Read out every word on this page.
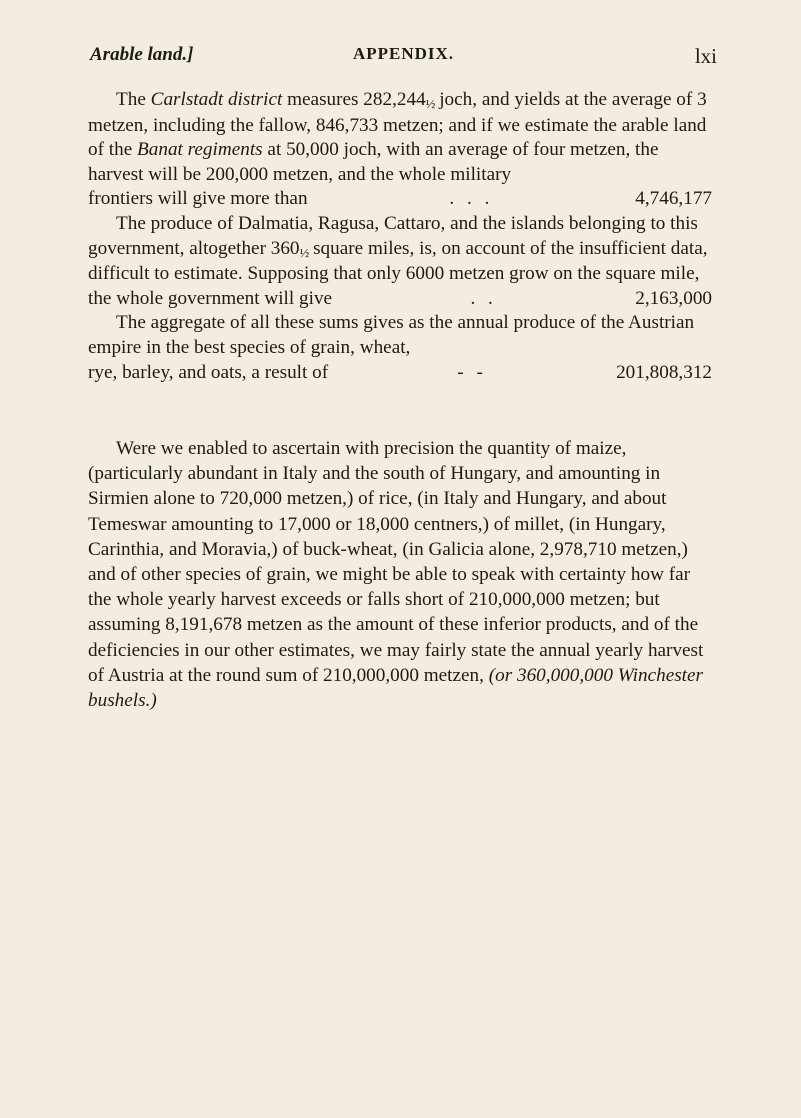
Arable land.]	APPENDIX.	lxi

The Carlstadt district measures 282,244½ joch, and yields at the average of 3 metzen, including the fallow, 846,733 metzen; and if we estimate the arable land of the Banat regiments at 50,000 joch, with an average of four metzen, the harvest will be 200,000 metzen, and the whole military

frontiers will give more than	. . .	4,746,177

The produce of Dalmatia, Ragusa, Cattaro, and the islands belonging to this government, altogether 360½ square miles, is, on account of the insufficient data, difficult to estimate. Supposing that only 6000 metzen grow on the square mile,

the whole government will give	. .	2,163,000

The aggregate of all these sums gives as the annual produce of the Austrian empire in the best species of grain, wheat,

rye, barley, and oats, a result of	- -	201,808,312

Were we enabled to ascertain with precision the quantity of maize, (particularly abundant in Italy and the south of Hungary, and amounting in Sirmien alone to 720,000 metzen,) of rice, (in Italy and Hungary, and about Temeswar amounting to 17,000 or 18,000 centners,) of millet, (in Hungary, Carinthia, and Moravia,) of buck-wheat, (in Galicia alone, 2,978,710 metzen,) and of other species of grain, we might be able to speak with certainty how far the whole yearly harvest exceeds or falls short of 210,000,000 metzen; but assuming 8,191,678 metzen as the amount of these inferior products, and of the deficiencies in our other estimates, we may fairly state the annual yearly harvest of Austria at the round sum of 210,000,000 metzen, (or 360,000,000 Winchester bushels.)
